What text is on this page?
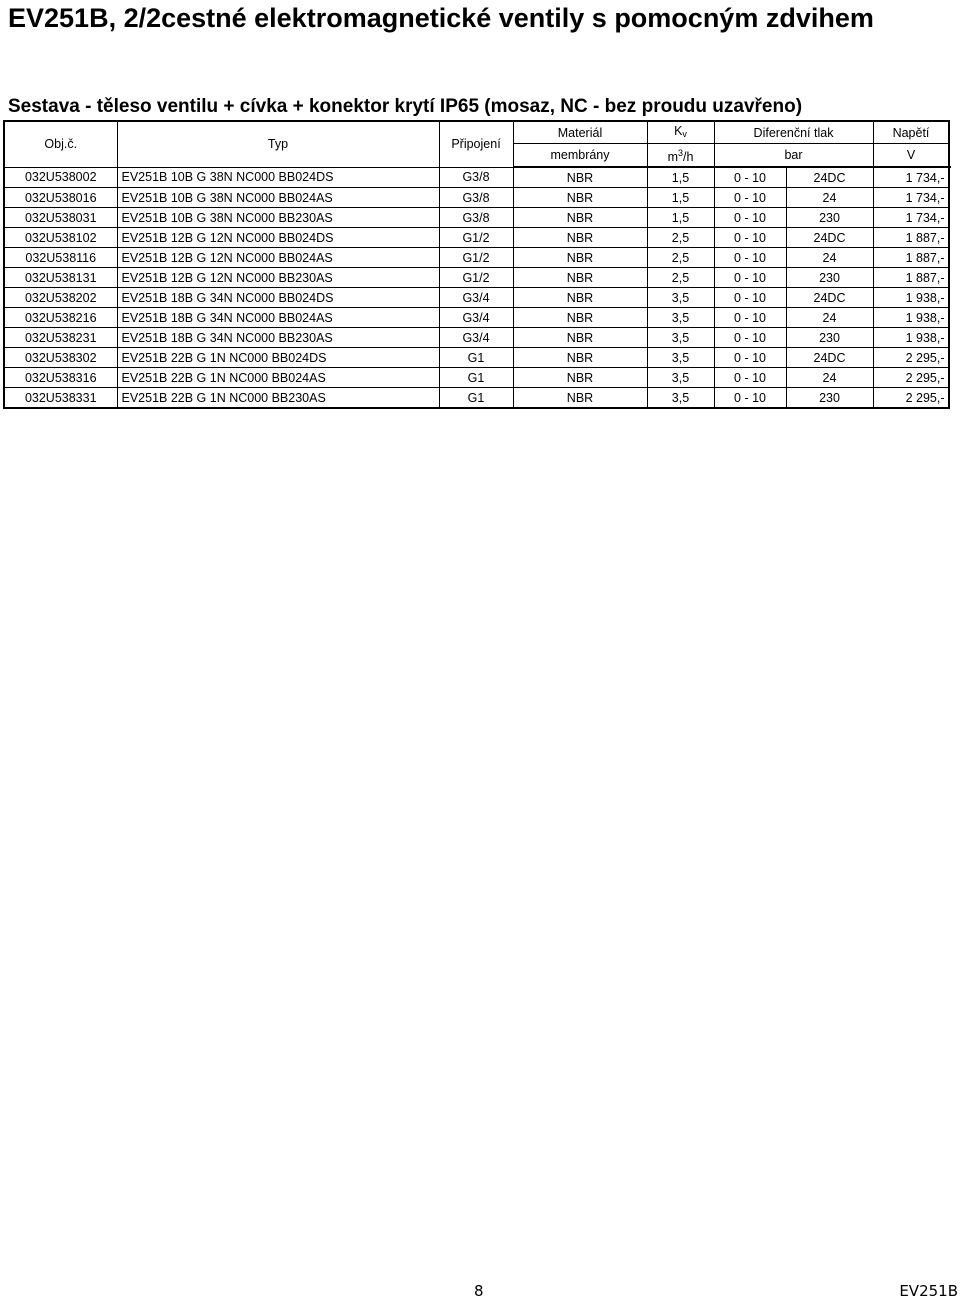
EV251B, 2/2cestné elektromagnetické ventily s pomocným zdvihem
Sestava - těleso ventilu + cívka + konektor krytí IP65 (mosaz, NC - bez proudu uzavřeno)
Obj.č.	Typ	Připojení	Materiál	$K_v$	Diferenční tlak		Napětí	
			membrány	$m^3/h$	bar		V	
032U538002	EV251B 10B G 38N NC000 BB024DS	G3/8	NBR	1,5	0 - 10	24DC	1 734,-	
032U538016	EV251B 10B G 38N NC000 BB024AS	G3/8	NBR	1,5	0 - 10	24	1 734,-	
032U538031	EV251B 10B G 38N NC000 BB230AS	G3/8	NBR	1,5	0 - 10	230	1 734,-	
032U538102	EV251B 12B G 12N NC000 BB024DS	G1/2	NBR	2,5	0 - 10	24DC	1 887,-	
032U538116	EV251B 12B G 12N NC000 BB024AS	G1/2	NBR	2,5	0 - 10	24	1 887,-	
032U538131	EV251B 12B G 12N NC000 BB230AS	G1/2	NBR	2,5	0 - 10	230	1 887,-	
032U538202	EV251B 18B G 34N NC000 BB024DS	G3/4	NBR	3,5	0 - 10	24DC	1 938,-	
032U538216	EV251B 18B G 34N NC000 BB024AS	G3/4	NBR	3,5	0 - 10	24	1 938,-	
032U538231	EV251B 18B G 34N NC000 BB230AS	G3/4	NBR	3,5	0 - 10	230	1 938,-	
032U538302	EV251B 22B G 1N NC000 BB024DS	G1	NBR	3,5	0 - 10	24DC	2 295,-	
032U538316	EV251B 22B G 1N NC000 BB024AS	G1	NBR	3,5	0 - 10	24	2 295,-	
032U538331	EV251B 22B G 1N NC000 BB230AS	G1	NBR	3,5	0 - 10	230	2 295,-	
8	EV251B
